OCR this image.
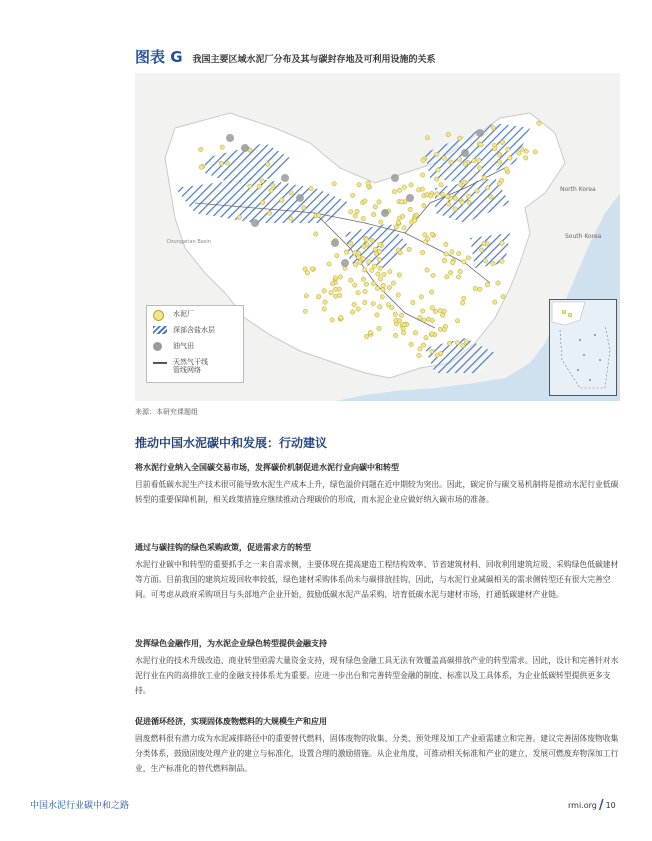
图表 G 我国主要区域水泥厂分布及其与碳封存地及可利用设施的关系
North Korea
South Korea
Dzungarian Basin
水泥厂
深部含盐水层
油气田
天然气干线管线网络
来源：本研究课题组
推动中国水泥碳中和发展：行动建议
将水泥行业纳入全国碳交易市场，发挥碳价机制促进水泥行业向碳中和转型
目前看低碳水泥生产技术很可能导致水泥生产成本上升，绿色溢价问题在近中期较为突出。因此，碳定价与碳交易机制将是推动水泥行业低碳转型的重要保障机制，相关政策措施应继续推动合理碳价的形成，而水泥企业应做好纳入碳市场的准备。
通过与碳挂钩的绿色采购政策，促进需求方的转型
水泥行业碳中和转型的重要抓手之一来自需求侧，主要体现在提高建造工程结构效率、节省建筑材料、回收利用建筑垃圾、采购绿色低碳建材等方面。目前我国的建筑垃圾回收率较低，绿色建材采购体系尚未与碳排放挂钩，因此，与水泥行业减碳相关的需求侧转型还有很大完善空间。可考虑从政府采购项目与头部地产企业开始，鼓励低碳水泥产品采购，培育低碳水泥与建材市场，打通低碳建材产业链。
发挥绿色金融作用，为水泥企业绿色转型提供金融支持
水泥行业的技术升级改造、商业转型亟需大量资金支持，现有绿色金融工具无法有效覆盖高碳排放产业的转型需求。因此，设计和完善针对水泥行业在内的高排放工业的金融支持体系尤为重要。应进一步出台和完善转型金融的制度、标准以及工具体系，为企业低碳转型提供更多支持。
促进循环经济，实现固体废物燃料的大规模生产和应用
固废燃料很有潜力成为水泥减排路径中的重要替代燃料，固体废物的收集、分类、预处理及加工产业亟需建立和完善。建议完善固体废物收集分类体系，鼓励固废处理产业的建立与标准化，设置合理的激励措施。从企业角度，可推动相关标准和产业的建立，发展可燃废弃物深加工行业，生产标准化的替代燃料制品。
中国水泥行业碳中和之路	rmi.org / 10
